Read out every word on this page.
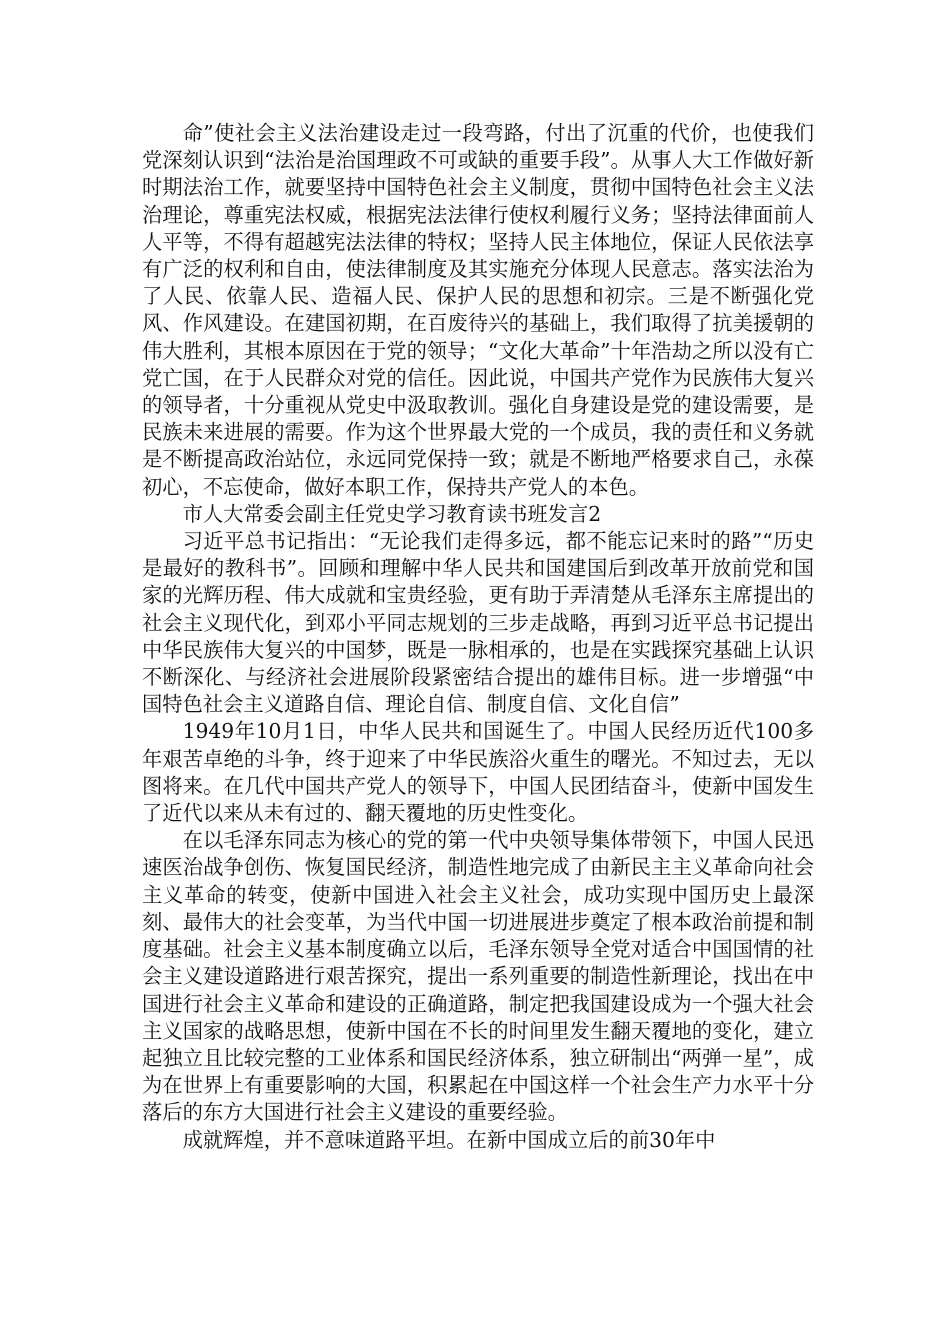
命”使社会主义法治建设走过一段弯路，付出了沉重的代价，也使我们党深刻认识到“法治是治国理政不可或缺的重要手段”。从事人大工作做好新时期法治工作，就要坚持中国特色社会主义制度，贯彻中国特色社会主义法治理论，尊重宪法权威，根据宪法法律行使权利履行义务；坚持法律面前人人平等，不得有超越宪法法律的特权；坚持人民主体地位，保证人民依法享有广泛的权利和自由，使法律制度及其实施充分体现人民意志。落实法治为了人民、依靠人民、造福人民、保护人民的思想和初宗。三是不断强化党风、作风建设。在建国初期，在百废待兴的基础上，我们取得了抗美援朝的伟大胜利，其根本原因在于党的领导；“文化大革命”十年浩劫之所以没有亡党亡国，在于人民群众对党的信任。因此说，中国共产党作为民族伟大复兴的领导者，十分重视从党史中汲取教训。强化自身建设是党的建设需要，是民族未来进展的需要。作为这个世界最大党的一个成员，我的责任和义务就是不断提高政治站位，永远同党保持一致；就是不断地严格要求自己，永葆初心，不忘使命，做好本职工作，保持共产党人的本色。

市人大常委会副主任党史学习教育读书班发言2

习近平总书记指出：“无论我们走得多远，都不能忘记来时的路”“历史是最好的教科书”。回顾和理解中华人民共和国建国后到改革开放前党和国家的光辉历程、伟大成就和宝贵经验，更有助于弄清楚从毛泽东主席提出的社会主义现代化，到邓小平同志规划的三步走战略，再到习近平总书记提出中华民族伟大复兴的中国梦，既是一脉相承的，也是在实践探究基础上认识不断深化、与经济社会进展阶段紧密结合提出的雄伟目标。进一步增强“中国特色社会主义道路自信、理论自信、制度自信、文化自信”

1949年10月1日，中华人民共和国诞生了。中国人民经历近代100多年艰苦卓绝的斗争，终于迎来了中华民族浴火重生的曙光。不知过去，无以图将来。在几代中国共产党人的领导下，中国人民团结奋斗，使新中国发生了近代以来从未有过的、翻天覆地的历史性变化。

在以毛泽东同志为核心的党的第一代中央领导集体带领下，中国人民迅速医治战争创伤、恢复国民经济，制造性地完成了由新民主主义革命向社会主义革命的转变，使新中国进入社会主义社会，成功实现中国历史上最深刻、最伟大的社会变革，为当代中国一切进展进步奠定了根本政治前提和制度基础。社会主义基本制度确立以后，毛泽东领导全党对适合中国国情的社会主义建设道路进行艰苦探究，提出一系列重要的制造性新理论，找出在中国进行社会主义革命和建设的正确道路，制定把我国建设成为一个强大社会主义国家的战略思想，使新中国在不长的时间里发生翻天覆地的变化，建立起独立且比较完整的工业体系和国民经济体系，独立研制出“两弹一星”，成为在世界上有重要影响的大国，积累起在中国这样一个社会生产力水平十分落后的东方大国进行社会主义建设的重要经验。

成就辉煌，并不意味道路平坦。在新中国成立后的前30年中
